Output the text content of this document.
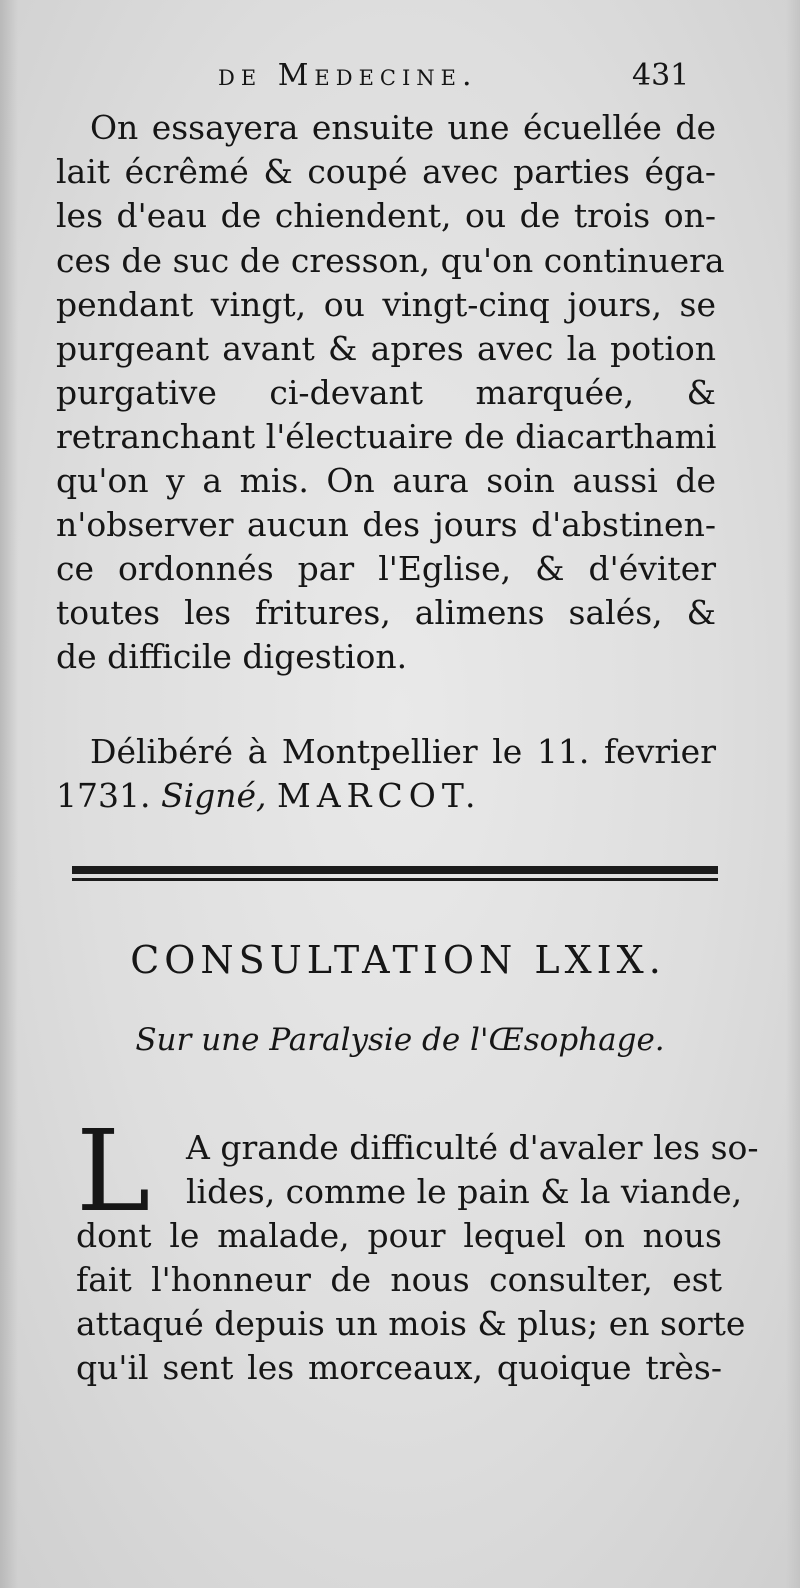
de Medecine.	431
On essayera ensuite une écuellée de
lait écrêmé & coupé avec parties éga-
les d'eau de chiendent, ou de trois on-
ces de suc de cresson, qu'on continuera
pendant vingt, ou vingt-cinq jours, se
purgeant avant & apres avec la potion
purgative ci-devant marquée, &
retranchant l'électuaire de diacarthami
qu'on y a mis. On aura soin aussi de
n'observer aucun des jours d'abstinen-
ce ordonnés par l'Eglise, & d'éviter
toutes les fritures, alimens salés, &
de difficile digestion.
Délibéré à Montpellier le 11. fevrier
1731. Signé, MARCOT.
CONSULTATION LXIX.
Sur une Paralysie de l'Œsophage.
L A grande difficulté d'avaler les so-
lides, comme le pain & la viande,
dont le malade, pour lequel on nous
fait l'honneur de nous consulter, est
attaqué depuis un mois & plus; en sorte
qu'il sent les morceaux, quoique très-
